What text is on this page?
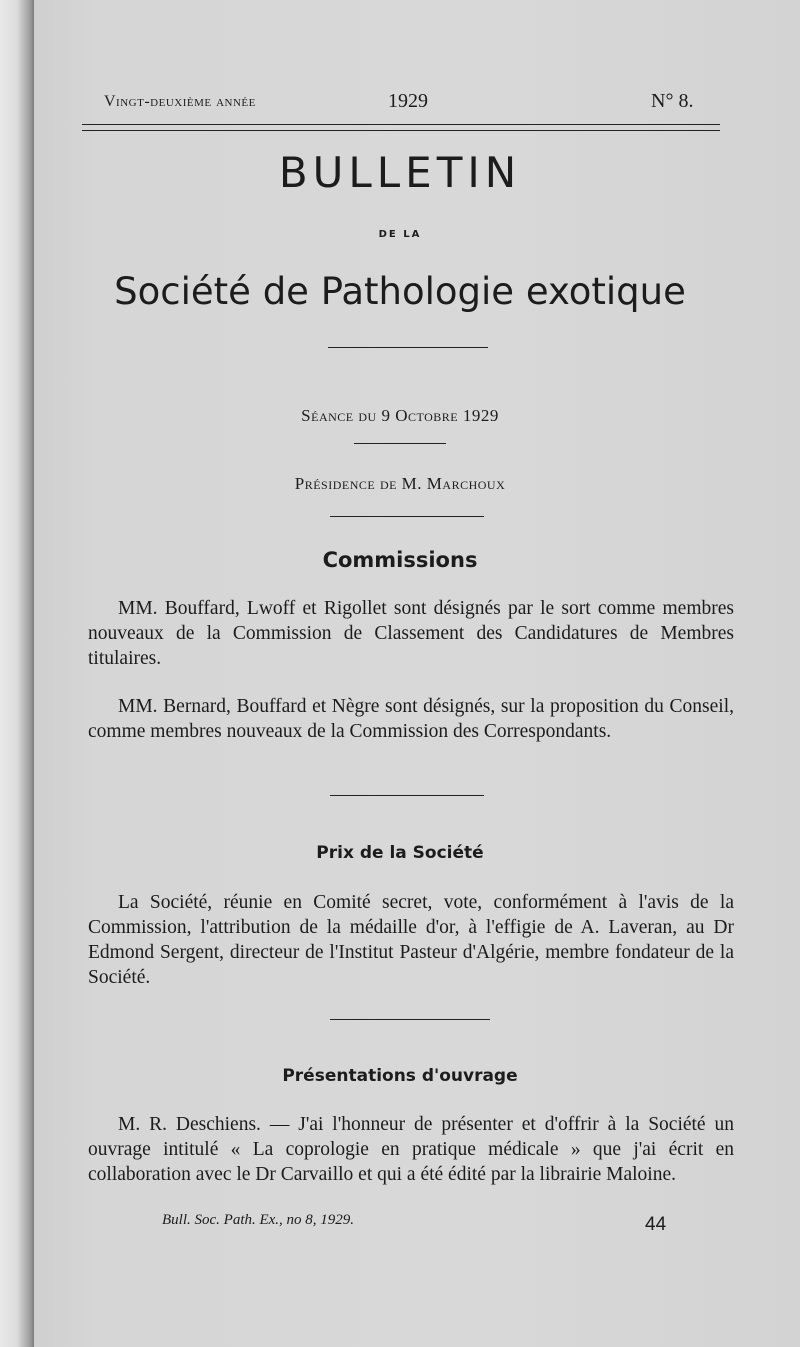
Vingt-deuxième année	1929	N° 8.
BULLETIN
DE LA
Société de Pathologie exotique
Séance du 9 Octobre 1929
Présidence de M. Marchoux
Commissions
MM. Bouffard, Lwoff et Rigollet sont désignés par le sort comme membres nouveaux de la Commission de Classement des Candidatures de Membres titulaires.
MM. Bernard, Bouffard et Nègre sont désignés, sur la proposition du Conseil, comme membres nouveaux de la Commission des Correspondants.
Prix de la Société
La Société, réunie en Comité secret, vote, conformément à l'avis de la Commission, l'attribution de la médaille d'or, à l'effigie de A. Laveran, au Dr Edmond Sergent, directeur de l'Institut Pasteur d'Algérie, membre fondateur de la Société.
Présentations d'ouvrage
M. R. Deschiens. — J'ai l'honneur de présenter et d'offrir à la Société un ouvrage intitulé « La coprologie en pratique médicale » que j'ai écrit en collaboration avec le Dr Carvaillo et qui a été édité par la librairie Maloine.
Bull. Soc. Path. Ex., no 8, 1929.	44
